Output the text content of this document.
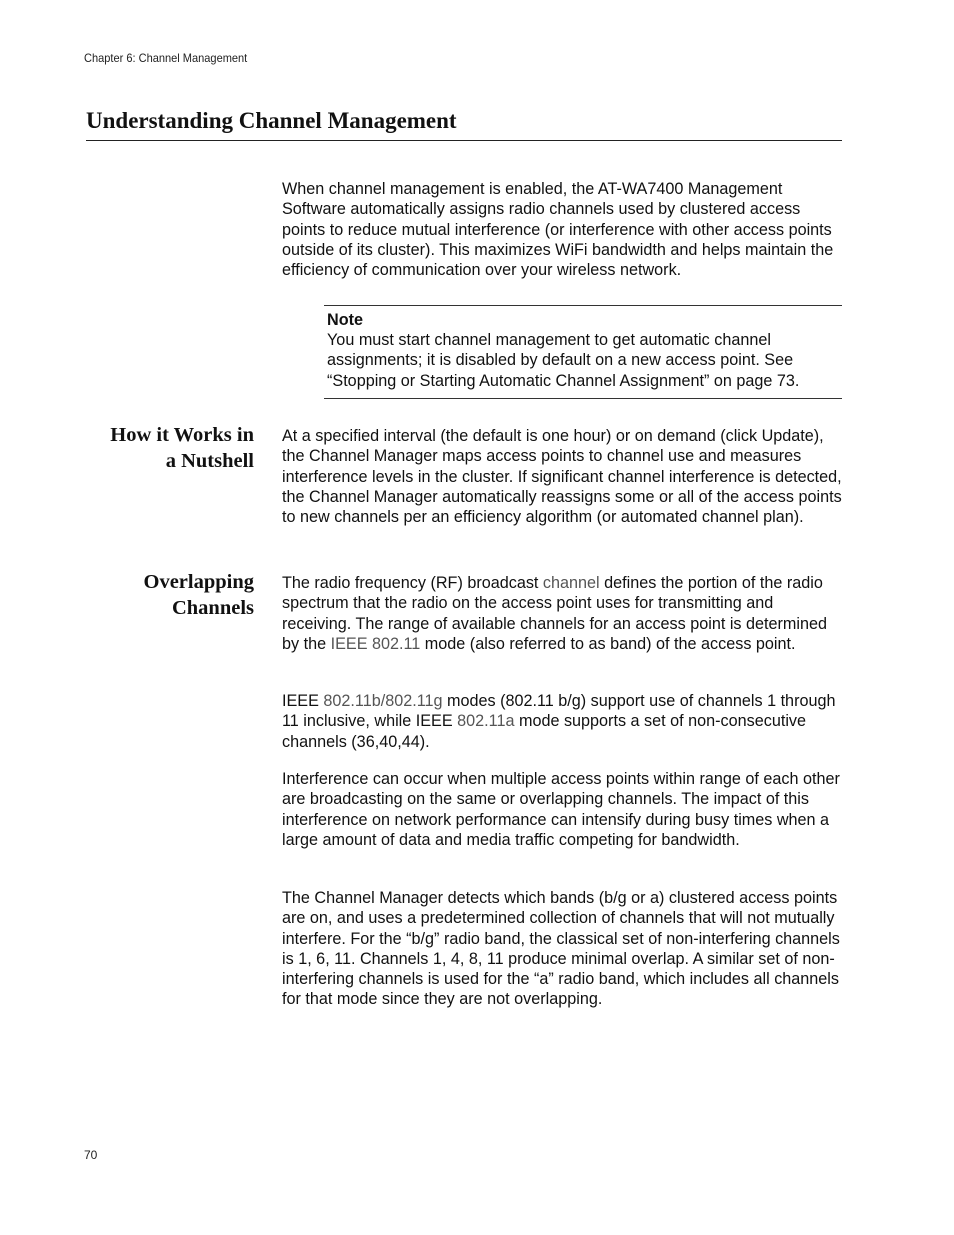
Chapter 6: Channel Management
Understanding Channel Management

When channel management is enabled, the AT-WA7400 Management Software automatically assigns radio channels used by clustered access points to reduce mutual interference (or interference with other access points outside of its cluster). This maximizes WiFi bandwidth and helps maintain the efficiency of communication over your wireless network.

Note

You must start channel management to get automatic channel assignments; it is disabled by default on a new access point. See “Stopping or Starting Automatic Channel Assignment” on page 73.

How it Works in
a Nutshell

At a specified interval (the default is one hour) or on demand (click Update), the Channel Manager maps access points to channel use and measures interference levels in the cluster. If significant channel interference is detected, the Channel Manager automatically reassigns some or all of the access points to new channels per an efficiency algorithm (or automated channel plan).

Overlapping
Channels

The radio frequency (RF) broadcast channel defines the portion of the radio spectrum that the radio on the access point uses for transmitting and receiving. The range of available channels for an access point is determined by the IEEE 802.11 mode (also referred to as band) of the access point.

IEEE 802.11b/802.11g modes (802.11 b/g) support use of channels 1 through 11 inclusive, while IEEE 802.11a mode supports a set of non-consecutive channels (36,40,44).

Interference can occur when multiple access points within range of each other are broadcasting on the same or overlapping channels. The impact of this interference on network performance can intensify during busy times when a large amount of data and media traffic competing for bandwidth.

The Channel Manager detects which bands (b/g or a) clustered access points are on, and uses a predetermined collection of channels that will not mutually interfere. For the “b/g” radio band, the classical set of non-interfering channels is 1, 6, 11. Channels 1, 4, 8, 11 produce minimal overlap. A similar set of non-interfering channels is used for the “a” radio band, which includes all channels for that mode since they are not overlapping.

70
